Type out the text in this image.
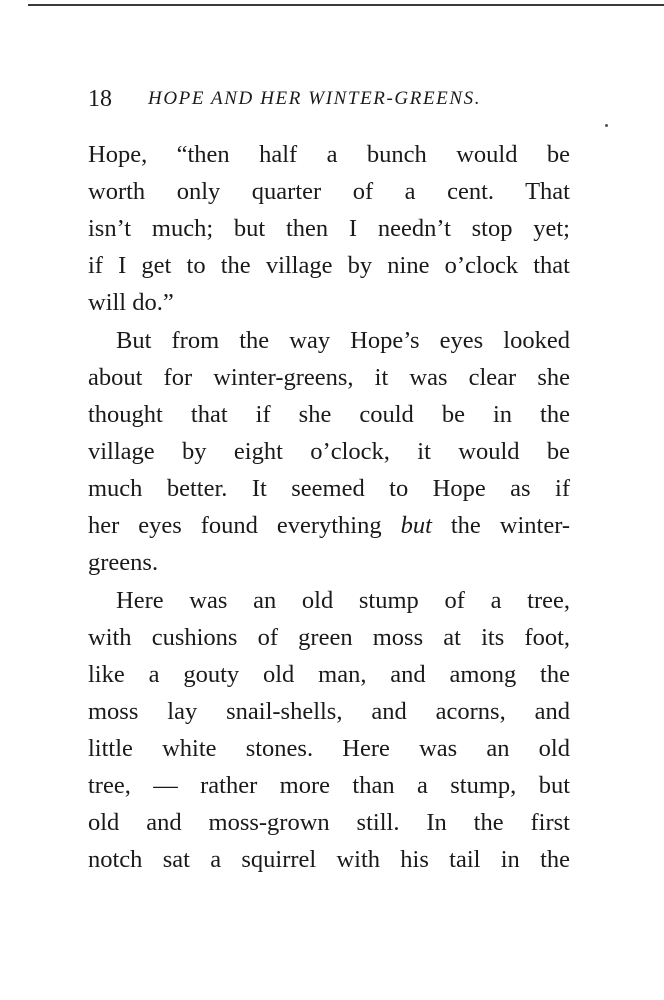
18 HOPE AND HER WINTER-GREENS.
Hope, “then half a bunch would be
worth only quarter of a cent. That
isn’t much; but then I needn’t stop yet;
if I get to the village by nine o’clock that
will do.”
But from the way Hope’s eyes looked
about for winter-greens, it was clear she
thought that if she could be in the
village by eight o’clock, it would be
much better. It seemed to Hope as if
her eyes found everything but the winter-
greens.
Here was an old stump of a tree,
with cushions of green moss at its foot,
like a gouty old man, and among the
moss lay snail-shells, and acorns, and
little white stones. Here was an old
tree, — rather more than a stump, but
old and moss-grown still. In the first
notch sat a squirrel with his tail in the
